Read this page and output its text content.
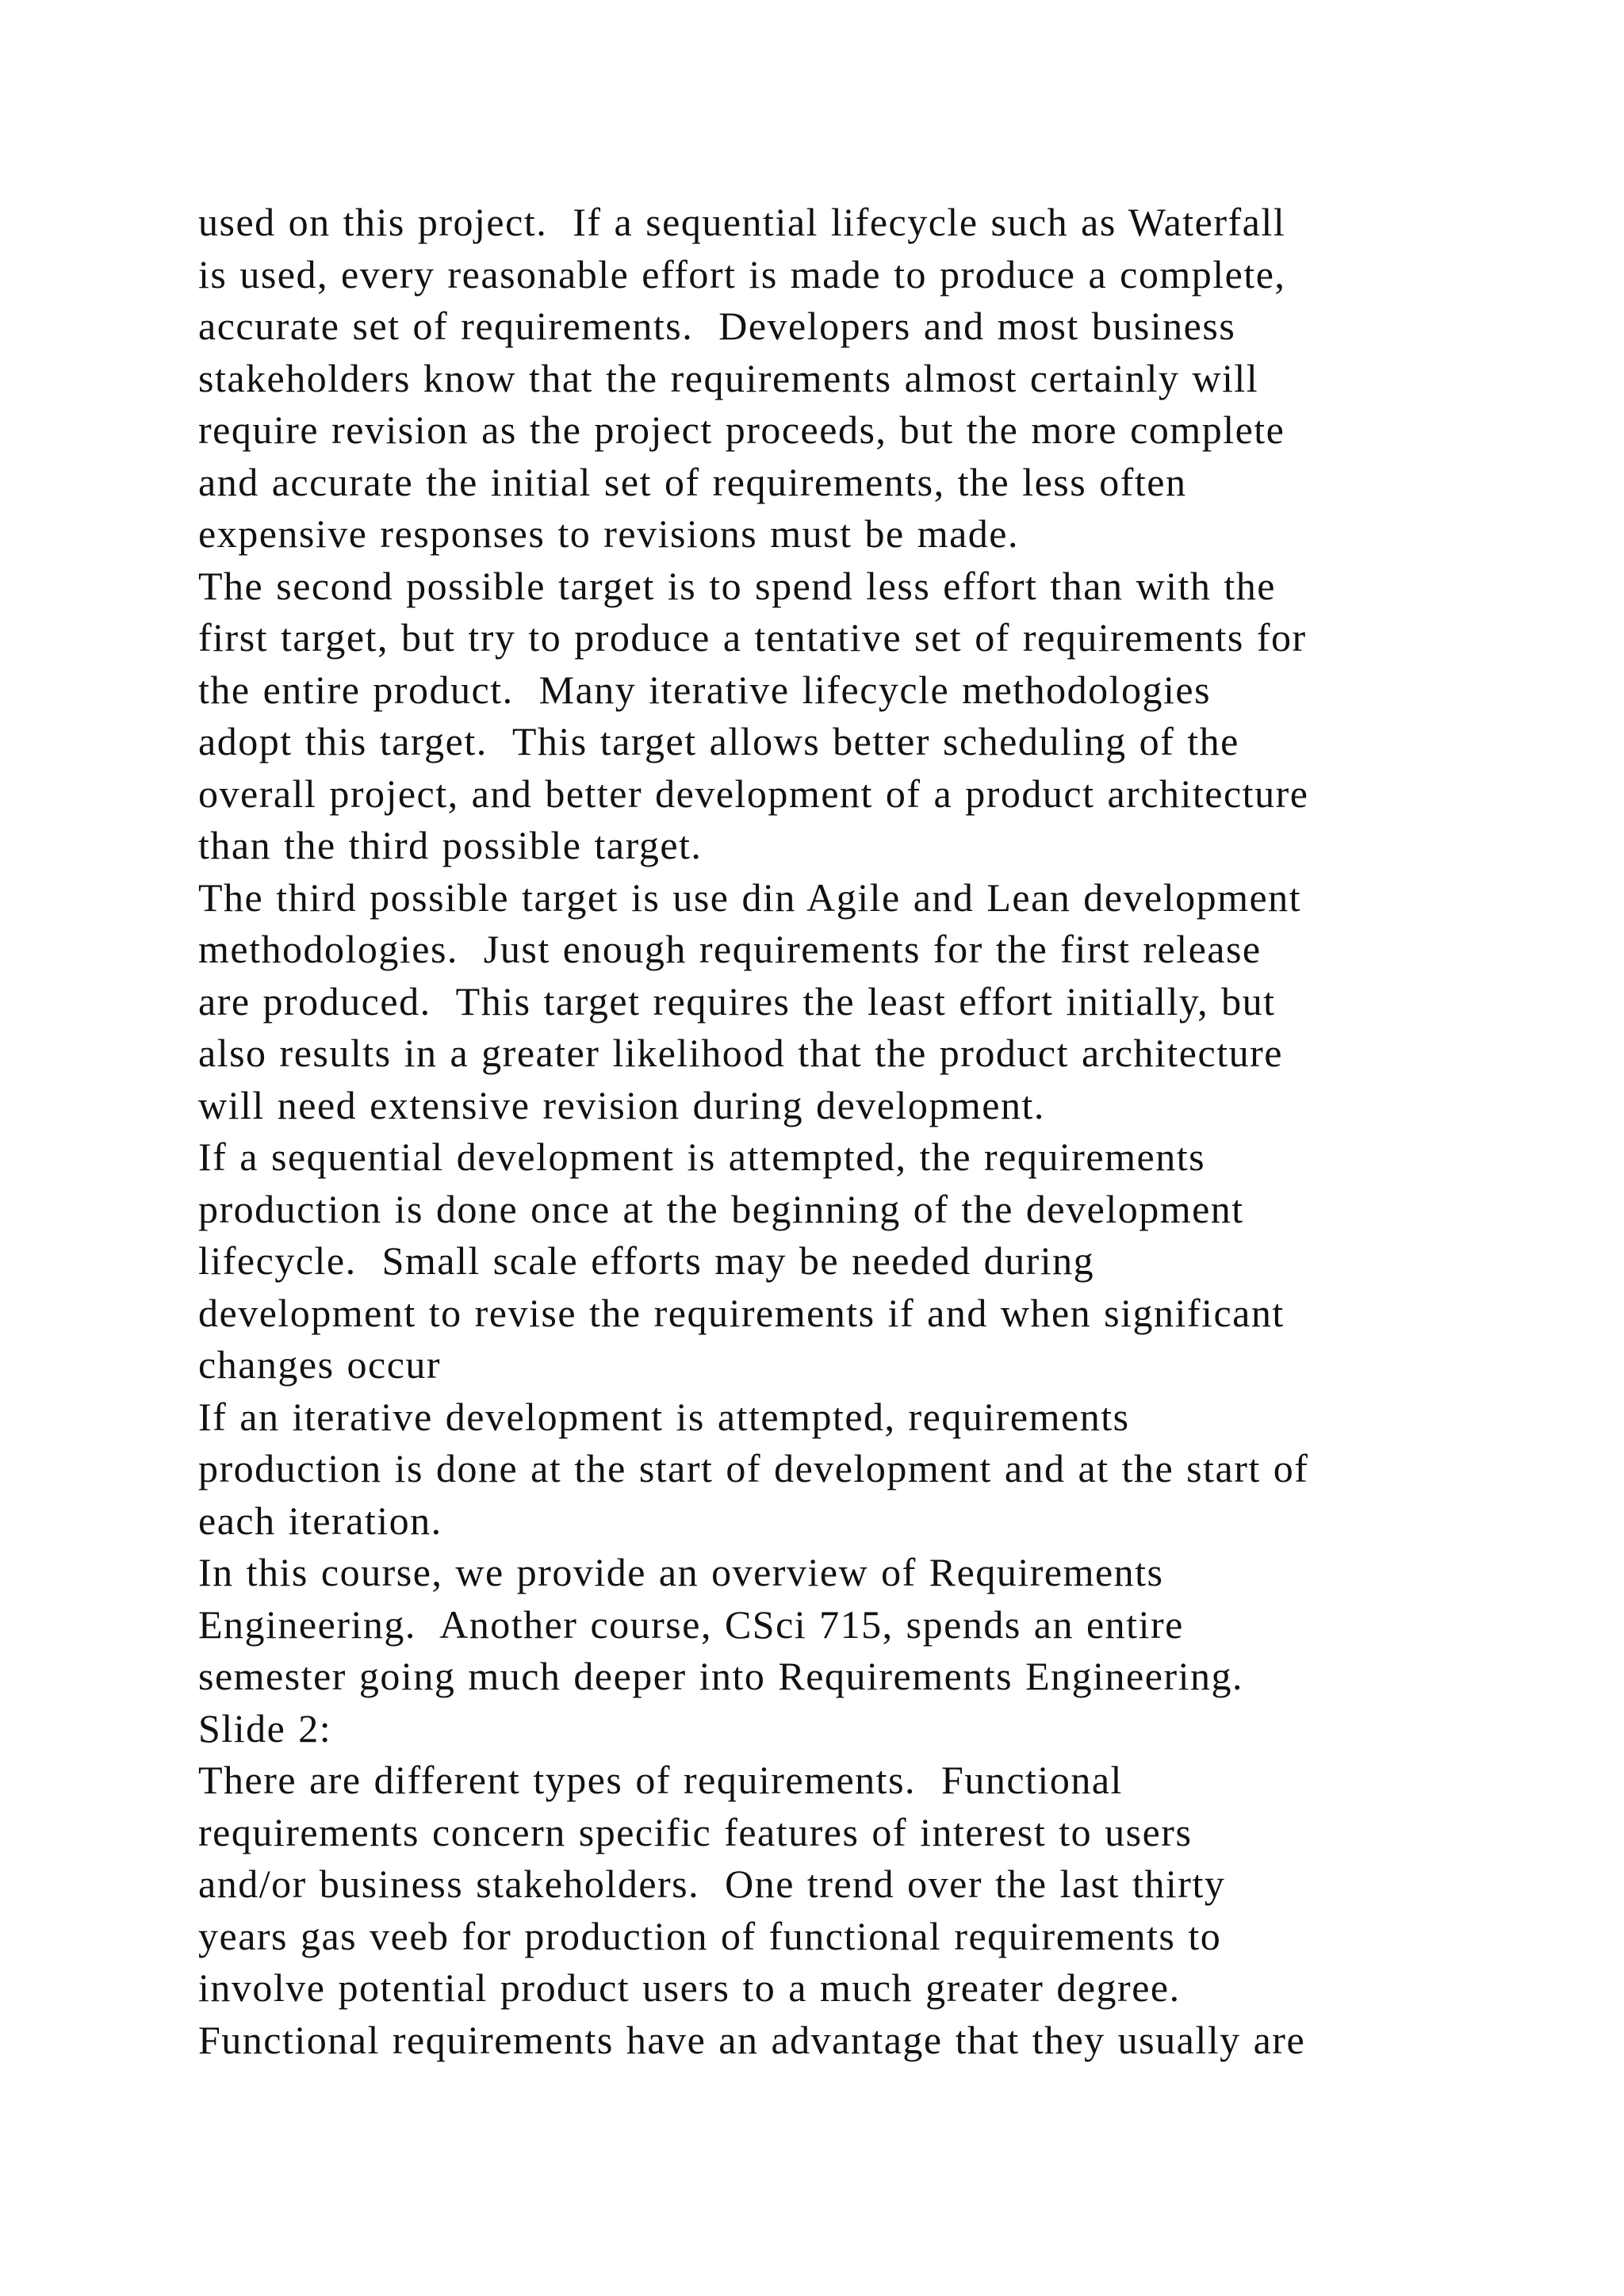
used on this project.  If a sequential lifecycle such as Waterfall
is used, every reasonable effort is made to produce a complete,
accurate set of requirements.  Developers and most business
stakeholders know that the requirements almost certainly will
require revision as the project proceeds, but the more complete
and accurate the initial set of requirements, the less often
expensive responses to revisions must be made.
The second possible target is to spend less effort than with the
first target, but try to produce a tentative set of requirements for
the entire product.  Many iterative lifecycle methodologies
adopt this target.  This target allows better scheduling of the
overall project, and better development of a product architecture
than the third possible target.
The third possible target is use din Agile and Lean development
methodologies.  Just enough requirements for the first release
are produced.  This target requires the least effort initially, but
also results in a greater likelihood that the product architecture
will need extensive revision during development.
If a sequential development is attempted, the requirements
production is done once at the beginning of the development
lifecycle.  Small scale efforts may be needed during
development to revise the requirements if and when significant
changes occur
If an iterative development is attempted, requirements
production is done at the start of development and at the start of
each iteration.
In this course, we provide an overview of Requirements
Engineering.  Another course, CSci 715, spends an entire
semester going much deeper into Requirements Engineering.
Slide 2:
There are different types of requirements.  Functional
requirements concern specific features of interest to users
and/or business stakeholders.  One trend over the last thirty
years gas veeb for production of functional requirements to
involve potential product users to a much greater degree.
Functional requirements have an advantage that they usually are
